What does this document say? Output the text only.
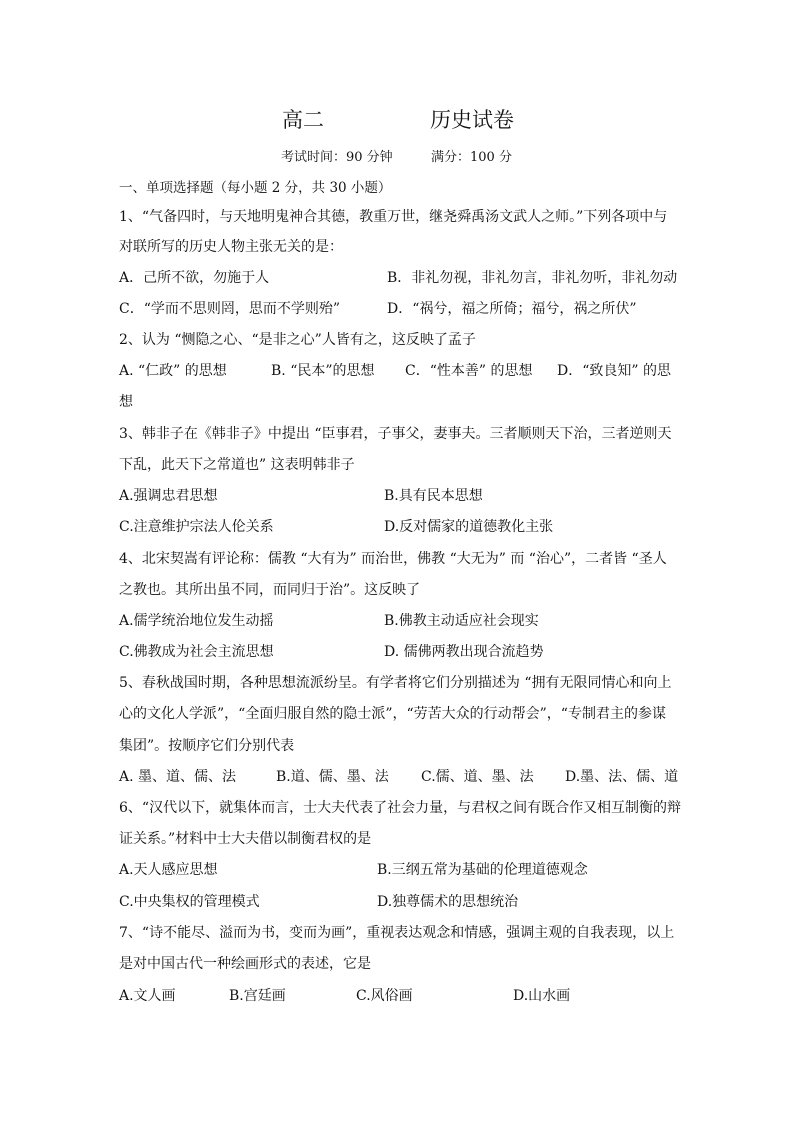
高二	历史试卷
考试时间：90 分钟	满分：100 分
一、单项选择题（每小题 2 分，共 30 小题）
1、“气备四时，与天地明鬼神合其德，教重万世，继尧舜禹汤文武人之师。”下列各项中与
对联所写的历史人物主张无关的是：
A．己所不欲，勿施于人	B．非礼勿视，非礼勿言，非礼勿听，非礼勿动
C．“学而不思则罔，思而不学则殆”	D．“祸兮，福之所倚；福兮，祸之所伏”
2、认为 “恻隐之心、“是非之心”人皆有之，这反映了孟子
A. “仁政” 的思想	B. “民本”的思想 C．“性本善” 的思想 D．“致良知” 的思
想
3、韩非子在《韩非子》中提出 “臣事君，子事父，妻事夫。三者顺则天下治，三者逆则天
下乱，此天下之常道也” 这表明韩非子
A.强调忠君思想	B.具有民本思想
C.注意维护宗法人伦关系	D.反对儒家的道德教化主张
4、北宋契嵩有评论称：儒教 “大有为” 而治世，佛教 “大无为” 而 “治心”，二者皆 “圣人
之教也。其所出虽不同，而同归于治”。这反映了
A.儒学统治地位发生动摇	B.佛教主动适应社会现实
C.佛教成为社会主流思想	D. 儒佛两教出现合流趋势
5、春秋战国时期，各种思想流派纷呈。有学者将它们分别描述为 “拥有无限同情心和向上
心的文化人学派”，“全面归服自然的隐士派”，“劳苦大众的行动帮会”，“专制君主的参谋
集团”。按顺序它们分别代表
A. 墨、道、儒、法	B.道、儒、墨、法 C.儒、道、墨、法 D.墨、法、儒、道
6、“汉代以下，就集体而言，士大夫代表了社会力量，与君权之间有既合作又相互制衡的辩
证关系。”材料中士大夫借以制衡君权的是
A.天人感应思想	B.三纲五常为基础的伦理道德观念
C.中央集权的管理模式	D.独尊儒术的思想统治
7、“诗不能尽、溢而为书，变而为画”，重视表达观念和情感，强调主观的自我表现，以上
是对中国古代一种绘画形式的表述，它是
A.文人画	B.宫廷画	C.风俗画	D.山水画
